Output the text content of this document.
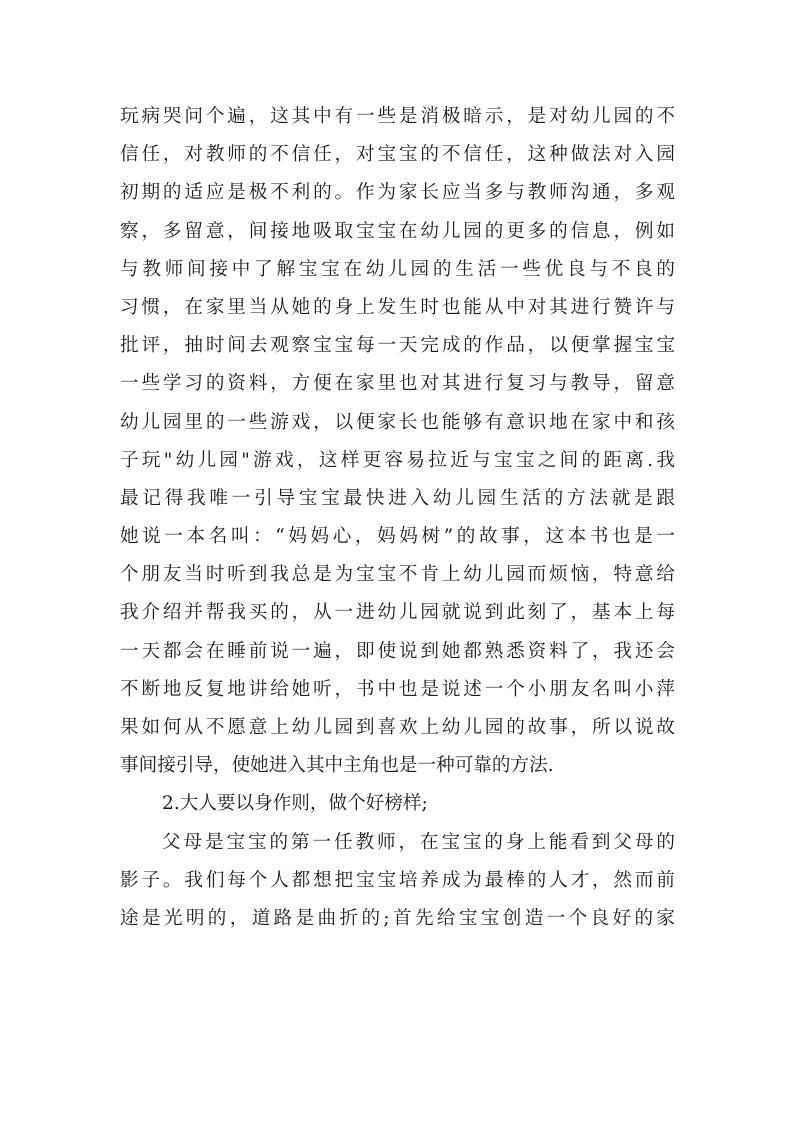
玩病哭问个遍，这其中有一些是消极暗示，是对幼儿园的不
信任，对教师的不信任，对宝宝的不信任，这种做法对入园
初期的适应是极不利的。作为家长应当多与教师沟通，多观
察，多留意，间接地吸取宝宝在幼儿园的更多的信息，例如
与教师间接中了解宝宝在幼儿园的生活一些优良与不良的
习惯，在家里当从她的身上发生时也能从中对其进行赞许与
批评，抽时间去观察宝宝每一天完成的作品，以便掌握宝宝
一些学习的资料，方便在家里也对其进行复习与教导，留意
幼儿园里的一些游戏，以便家长也能够有意识地在家中和孩
子玩"幼儿园"游戏，这样更容易拉近与宝宝之间的距离.我
最记得我唯一引导宝宝最快进入幼儿园生活的方法就是跟
她说一本名叫：“妈妈心，妈妈树”的故事，这本书也是一
个朋友当时听到我总是为宝宝不肯上幼儿园而烦恼，特意给
我介绍并帮我买的，从一进幼儿园就说到此刻了，基本上每
一天都会在睡前说一遍，即使说到她都熟悉资料了，我还会
不断地反复地讲给她听，书中也是说述一个小朋友名叫小萍
果如何从不愿意上幼儿园到喜欢上幼儿园的故事，所以说故
事间接引导，使她进入其中主角也是一种可靠的方法.
2.大人要以身作则，做个好榜样;
父母是宝宝的第一任教师，在宝宝的身上能看到父母的
影子。我们每个人都想把宝宝培养成为最棒的人才，然而前
途是光明的，道路是曲折的;首先给宝宝创造一个良好的家
